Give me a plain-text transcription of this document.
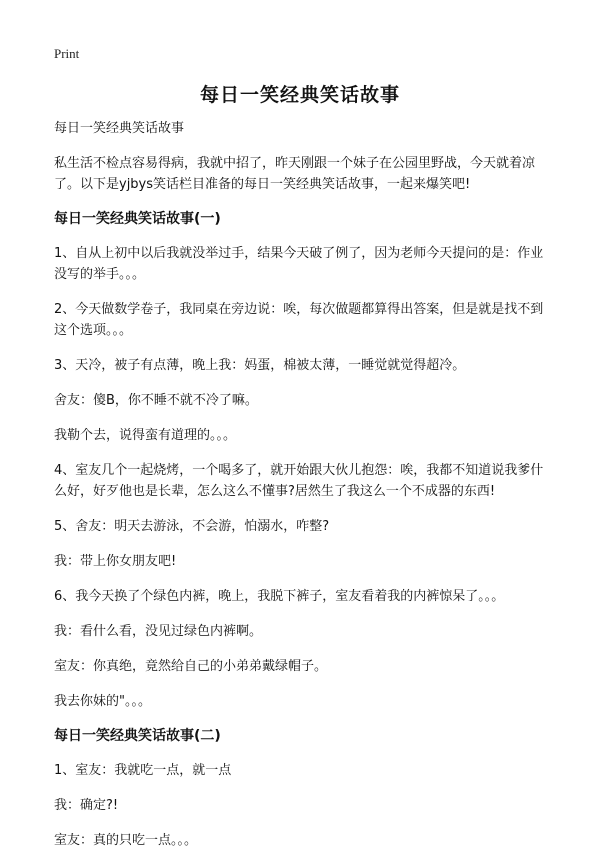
Print
每日一笑经典笑话故事

每日一笑经典笑话故事

私生活不检点容易得病，我就中招了，昨天刚跟一个妹子在公园里野战，今天就着凉了。以下是yjbys笑话栏目准备的每日一笑经典笑话故事，一起来爆笑吧!

每日一笑经典笑话故事(一)

1、自从上初中以后我就没举过手，结果今天破了例了，因为老师今天提问的是：作业没写的举手。。。

2、今天做数学卷子，我同桌在旁边说：唉，每次做题都算得出答案，但是就是找不到这个选项。。。

3、天冷，被子有点薄，晚上我：妈蛋，棉被太薄，一睡觉就觉得超冷。

舍友：傻B，你不睡不就不冷了嘛。

我勒个去，说得蛮有道理的。。。

4、室友几个一起烧烤，一个喝多了，就开始跟大伙儿抱怨：唉，我都不知道说我爹什么好，好歹他也是长辈，怎么这么不懂事?居然生了我这么一个不成器的东西!

5、舍友：明天去游泳，不会游，怕溺水，咋整?

我：带上你女朋友吧!

6、我今天换了个绿色内裤，晚上，我脱下裤子，室友看着我的内裤惊呆了。。。

我：看什么看，没见过绿色内裤啊。

室友：你真绝，竟然给自己的小弟弟戴绿帽子。

我去你妹的"。。。

每日一笑经典笑话故事(二)

1、室友：我就吃一点，就一点

我：确定?!

室友：真的只吃一点。。。
